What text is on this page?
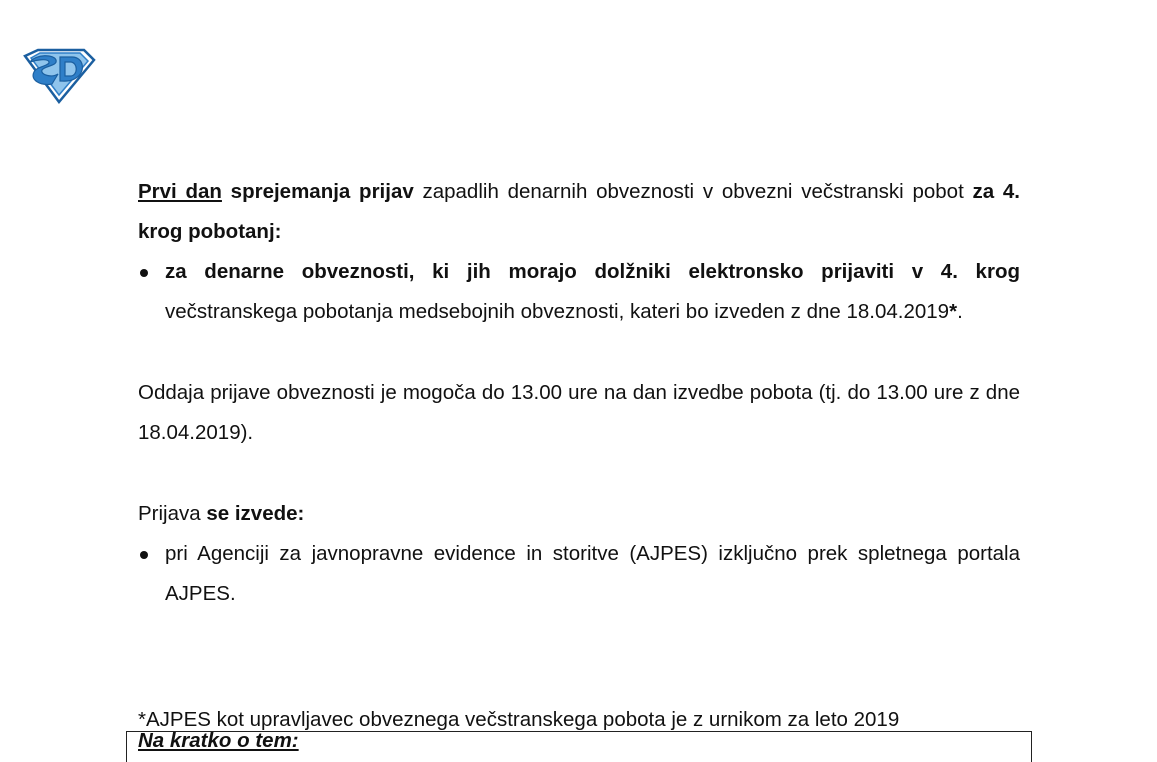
Prvi dan sprejemanja prijav zapadlih denarnih obveznosti v obvezni večstranski pobot za 4. krog pobotanj:

za denarne obveznosti, ki jih morajo dolžniki elektronsko prijaviti v 4. krog večstranskega pobotanja medsebojnih obveznosti, kateri bo izveden z dne 18.04.2019*.

Oddaja prijave obveznosti je mogoča do 13.00 ure na dan izvedbe pobota (tj. do 13.00 ure z dne 18.04.2019).

Prijava se izvede:

pri Agenciji za javnopravne evidence in storitve (AJPES) izključno prek spletnega portala AJPES.

*AJPES kot upravljavec obveznega večstranskega pobota je z urnikom za leto 2019
Na kratko o tem:
